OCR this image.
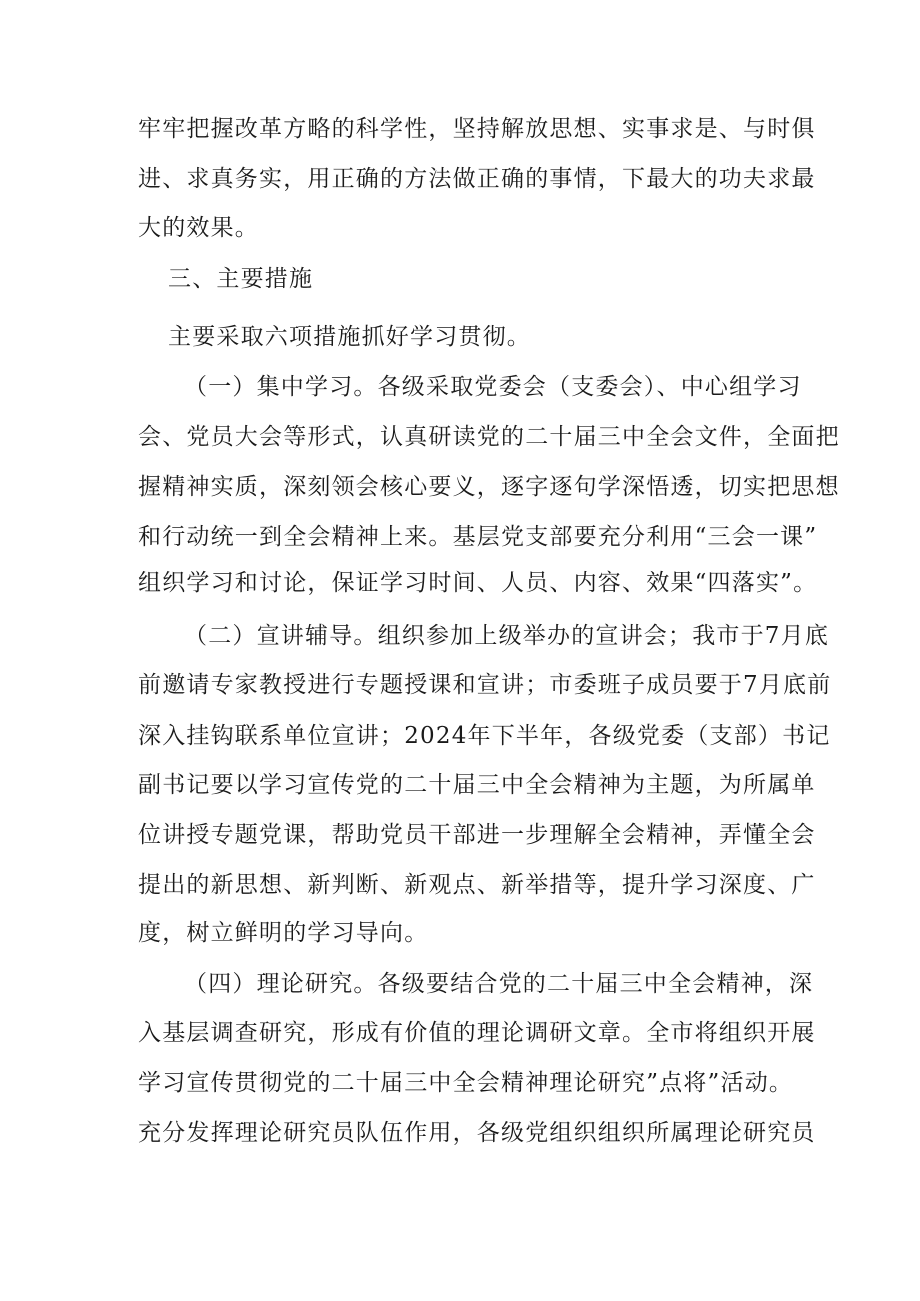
牢牢把握改革方略的科学性，坚持解放思想、实事求是、与时俱

进、求真务实，用正确的方法做正确的事情，下最大的功夫求最

大的效果。

三、主要措施

主要采取六项措施抓好学习贯彻。

（一）集中学习。各级采取党委会（支委会）、中心组学习

会、党员大会等形式，认真研读党的二十届三中全会文件，全面把

握精神实质，深刻领会核心要义，逐字逐句学深悟透，切实把思想

和行动统一到全会精神上来。基层党支部要充分利用“三会一课”

组织学习和讨论，保证学习时间、人员、内容、效果“四落实”。

（二）宣讲辅导。组织参加上级举办的宣讲会；我市于7月底

前邀请专家教授进行专题授课和宣讲；市委班子成员要于7月底前

深入挂钩联系单位宣讲；2024年下半年，各级党委（支部）书记

副书记要以学习宣传党的二十届三中全会精神为主题，为所属单

位讲授专题党课，帮助党员干部进一步理解全会精神，弄懂全会

提出的新思想、新判断、新观点、新举措等，提升学习深度、广

度，树立鲜明的学习导向。

（四）理论研究。各级要结合党的二十届三中全会精神，深

入基层调查研究，形成有价值的理论调研文章。全市将组织开展

学习宣传贯彻党的二十届三中全会精神理论研究”点将”活动。

充分发挥理论研究员队伍作用，各级党组织组织所属理论研究员
